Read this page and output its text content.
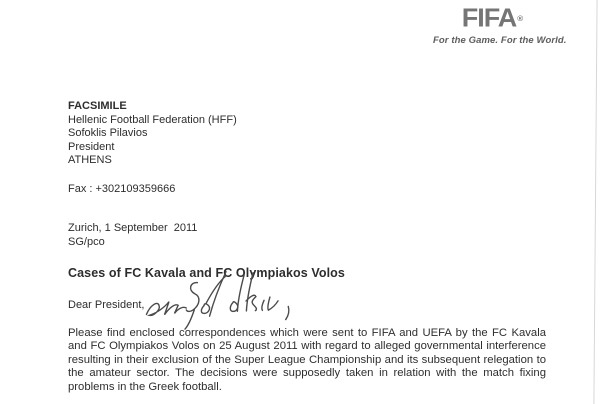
FIFA®
For the Game. For the World.
FACSIMILE
Hellenic Football Federation (HFF)
Sofoklis Pilavios
President
ATHENS
Fax : +302109359666
Zurich, 1 September  2011
SG/pco
Cases of FC Kavala and FC Olympiakos Volos
Dear President,

Please find enclosed correspondences which were sent to FIFA and UEFA by the FC Kavala and FC Olympiakos Volos on 25 August 2011 with regard to alleged governmental interference resulting in their exclusion of the Super League Championship and its subsequent relegation to the amateur sector. The decisions were supposedly taken in relation with the match fixing problems in the Greek football.
